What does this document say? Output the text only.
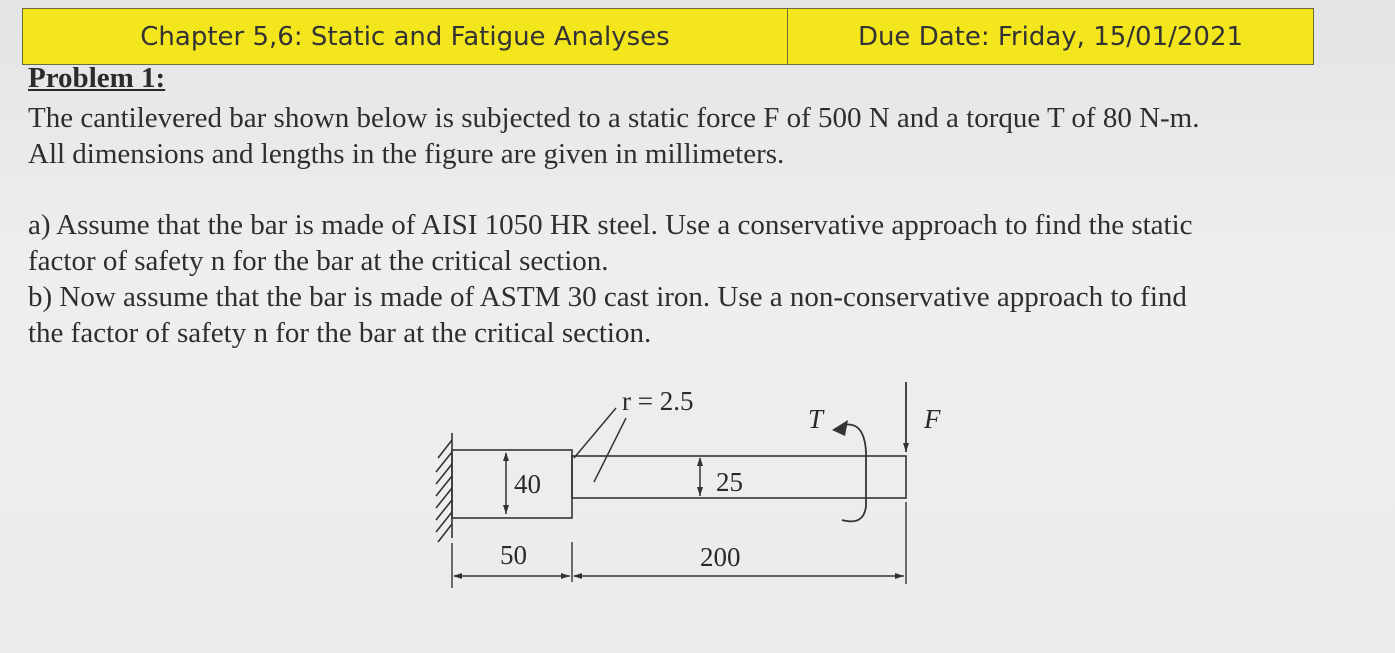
Chapter 5,6: Static and Fatigue Analyses	Due Date: Friday, 15/01/2021
Problem 1:
The cantilevered bar shown below is subjected to a static force F of 500 N and a torque T of 80 N-m.
All dimensions and lengths in the figure are given in millimeters.
a) Assume that the bar is made of AISI 1050 HR steel. Use a conservative approach to find the static
factor of safety n for the bar at the critical section.
b) Now assume that the bar is made of ASTM 30 cast iron. Use a non-conservative approach to find
the factor of safety n for the bar at the critical section.
r = 2.5
40	25
T	F
50	200
